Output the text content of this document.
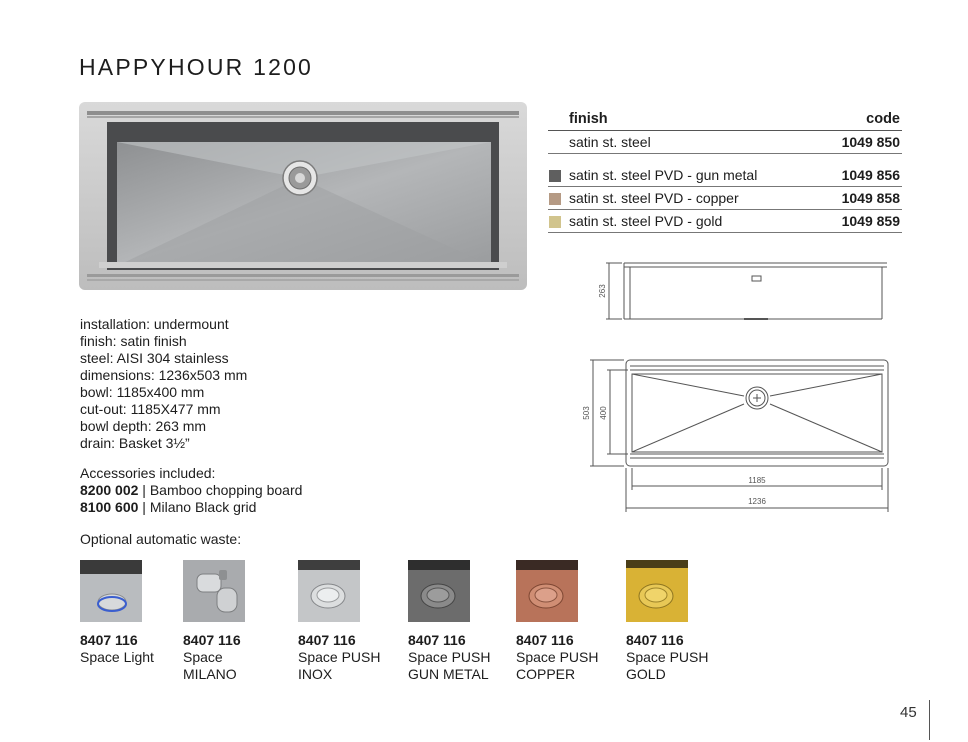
HAPPYHOUR 1200
finish	code
satin st. steel	1049 850
satin st. steel PVD - gun metal	1049 856
satin st. steel PVD - copper	1049 858
satin st. steel PVD - gold	1049 859
263
503 400
1185
1236
installation: undermount
finish: satin finish
steel: AISI 304 stainless
dimensions: 1236x503 mm
bowl: 1185x400 mm
cut-out: 1185X477 mm
bowl depth: 263 mm
drain: Basket 3½”
Accessories included:
8200 002 | Bamboo chopping board
8100 600 | Milano Black grid
Optional automatic waste:
8407 116
Space Light
8407 116
Space
MILANO
8407 116
Space PUSH
INOX
8407 116
Space PUSH
GUN METAL
8407 116
Space PUSH
COPPER
8407 116
Space PUSH
GOLD
45
